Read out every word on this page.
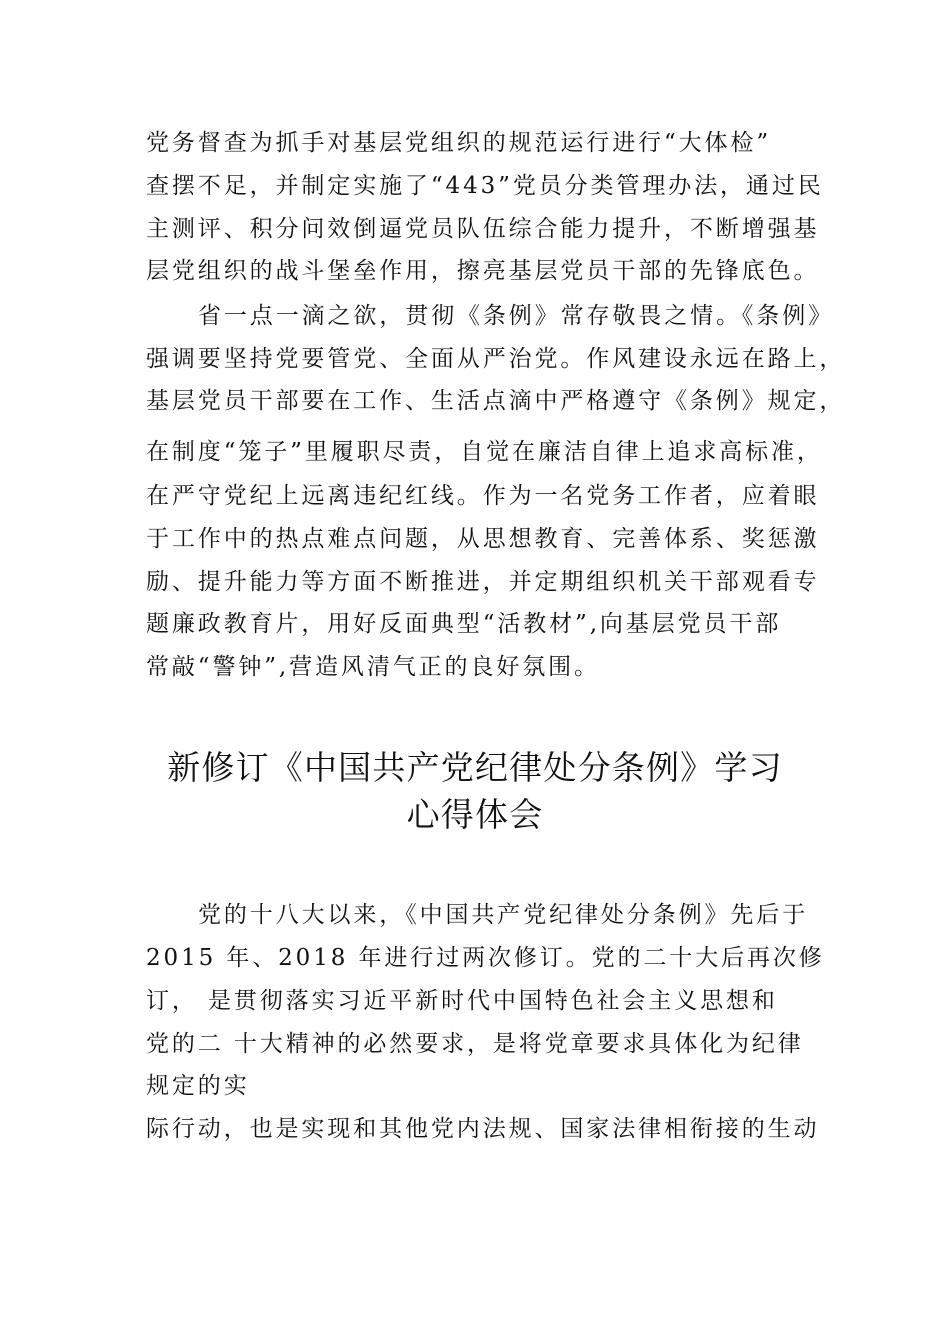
党务督查为抓手对基层党组织的规范运行进行“大体检”
查摆不足，并制定实施了“443”党员分类管理办法，通过民
主测评、积分问效倒逼党员队伍综合能力提升，不断增强基
层党组织的战斗堡垒作用，擦亮基层党员干部的先锋底色。
省一点一滴之欲，贯彻《条例》常存敬畏之情。《条例》
强调要坚持党要管党、全面从严治党。作风建设永远在路上，
基层党员干部要在工作、生活点滴中严格遵守《条例》规定，
在制度“笼子”里履职尽责，自觉在廉洁自律上追求高标准，
在严守党纪上远离违纪红线。作为一名党务工作者，应着眼
于工作中的热点难点问题，从思想教育、完善体系、奖惩激
励、提升能力等方面不断推进，并定期组织机关干部观看专
题廉政教育片，用好反面典型“活教材”,向基层党员干部
常敲“警钟”,营造风清气正的良好氛围。
新修订《中国共产党纪律处分条例》学习
心得体会
党的十八大以来，《中国共产党纪律处分条例》先后于
2015 年、2018 年进行过两次修订。党的二十大后再次修
订， 是贯彻落实习近平新时代中国特色社会主义思想和
党的二 十大精神的必然要求，是将党章要求具体化为纪律
规定的实
际行动，也是实现和其他党内法规、国家法律相衔接的生动
